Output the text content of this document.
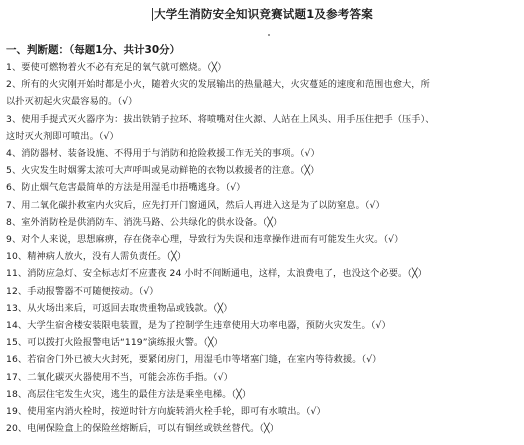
大学生消防安全知识竞赛试题1及参考答案
一、判断题：（每题1分、共计30分）
1、要使可燃物着火不必有充足的氧气就可燃烧。（╳）
2、所有的火灾刚开始时都是小火，随着火灾的发展输出的热量越大，火灾蔓延的速度和范围也愈大，所
以扑灭初起火灾最容易的。（√）
3、使用手提式灭火器序为：拔出铁销子拉环、将喷嘴对住火源、人站在上风头、用手压住把手（压手）、
这时灭火剂即可喷出。（√）
4、消防器材、装备设施、不得用于与消防和抢险救援工作无关的事项。（√）
5、火灾发生时烟雾太浓可大声呼叫或晃动鲜艳的衣物以救援者的注意。（╳）
6、防止烟气危害最简单的方法是用湿毛巾捂嘴逃身。（√）
7、用二氧化碳扑救室内火灾后，应先打开门窗通风，然后人再进入这是为了以防窒息。（√）
8、室外消防栓是供消防车、消洗马路、公共绿化的供水设备。（╳）
9、对个人来说，思想麻痹，存在侥幸心理，导致行为失误和违章操作进而有可能发生火灾。（√）
10、精神病人放火，没有人需负责任。（╳）
11、消防应急灯、安全标志灯不应晝夜 24 小时不间断通电，这样，太浪费电了，也没这个必要。（╳）
12、手动报警器不可随便按动。（√）
13、从火场出来后，可返回去取贵重物品或钱款。（╳）
14、大学生宿舍楼安装限电装置，是为了控制学生违章使用大功率电器，预防火灾发生。（√）
15、可以拨打火险报警电话“119”演练报火警。（╳）
16、若宿舍门外已被大火封死，要紧闭房门，用湿毛巾等堵塞门缝，在室内等待救援。（√）
17、二氧化碳灭火器使用不当，可能会冻伤手指。（√）
18、高层住宅发生火灾，逃生的最佳方法是乘坐电梯。（╳）
19、使用室内消火栓时，按逆时针方向旋转消火栓手轮，即可有水喷出。（√）
20、电闸保险盒上的保险丝熔断后，可以有铜丝或铁丝替代。（╳）
